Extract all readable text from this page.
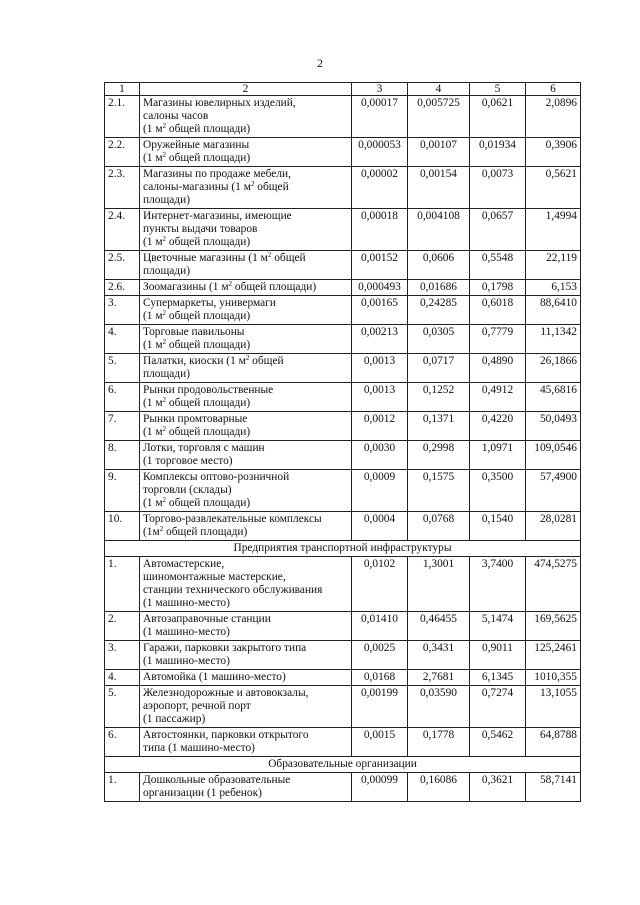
2
1	2	3	4	5	6
2.1.	Магазины ювелирных изделий,
салоны часов
(1 $м^2$ общей площади)	0,00017	0,005725	0,0621	2,0896
2.2.	Оружейные магазины
(1 $м^2$ общей площади)	0,000053	0,00107	0,01934	0,3906
2.3.	Магазины по продаже мебели,
салоны-магазины (1 $м^2$ общей
площади)	0,00002	0,00154	0,0073	0,5621
2.4.	Интернет-магазины, имеющие
пункты выдачи товаров
(1 $м^2$ общей площади)	0,00018	0,004108	0,0657	1,4994
2.5.	Цветочные магазины (1 $м^2$ общей
площади)	0,00152	0,0606	0,5548	22,119
2.6.	Зоомагазины (1 $м^2$ общей площади)	0,000493	0,01686	0,1798	6,153
3.	Супермаркеты, универмаги
(1 $м^2$ общей площади)	0,00165	0,24285	0,6018	88,6410
4.	Торговые павильоны
(1 $м^2$ общей площади)	0,00213	0,0305	0,7779	11,1342
5.	Палатки, киоски (1 $м^2$ общей
площади)	0,0013	0,0717	0,4890	26,1866
6.	Рынки продовольственные
(1 $м^2$ общей площади)	0,0013	0,1252	0,4912	45,6816
7.	Рынки промтоварные
(1 $м^2$ общей площади)	0,0012	0,1371	0,4220	50,0493
8.	Лотки, торговля с машин
(1 торговое место)	0,0030	0,2998	1,0971	109,0546
9.	Комплексы оптово-розничной
торговли (склады)
(1 $м^2$ общей площади)	0,0009	0,1575	0,3500	57,4900
10.	Торгово-развлекательные комплексы
($1м^2$ общей площади)	0,0004	0,0768	0,1540	28,0281
Предприятия транспортной инфраструктуры					
1.	Автомастерские,
шиномонтажные мастерские,
станции технического обслуживания
(1 машино-место)	0,0102	1,3001	3,7400	474,5275
2.	Автозаправочные станции
(1 машино-место)	0,01410	0,46455	5,1474	169,5625
3.	Гаражи, парковки закрытого типа
(1 машино-место)	0,0025	0,3431	0,9011	125,2461
4.	Автомойка (1 машино-место)	0,0168	2,7681	6,1345	1010,355
5.	Железнодорожные и автовокзалы,
аэропорт, речной порт
(1 пассажир)	0,00199	0,03590	0,7274	13,1055
6.	Автостоянки, парковки открытого
типа (1 машино-место)	0,0015	0,1778	0,5462	64,8788
Образовательные организации					
1.	Дошкольные образовательные
организации (1 ребенок)	0,00099	0,16086	0,3621	58,7141
